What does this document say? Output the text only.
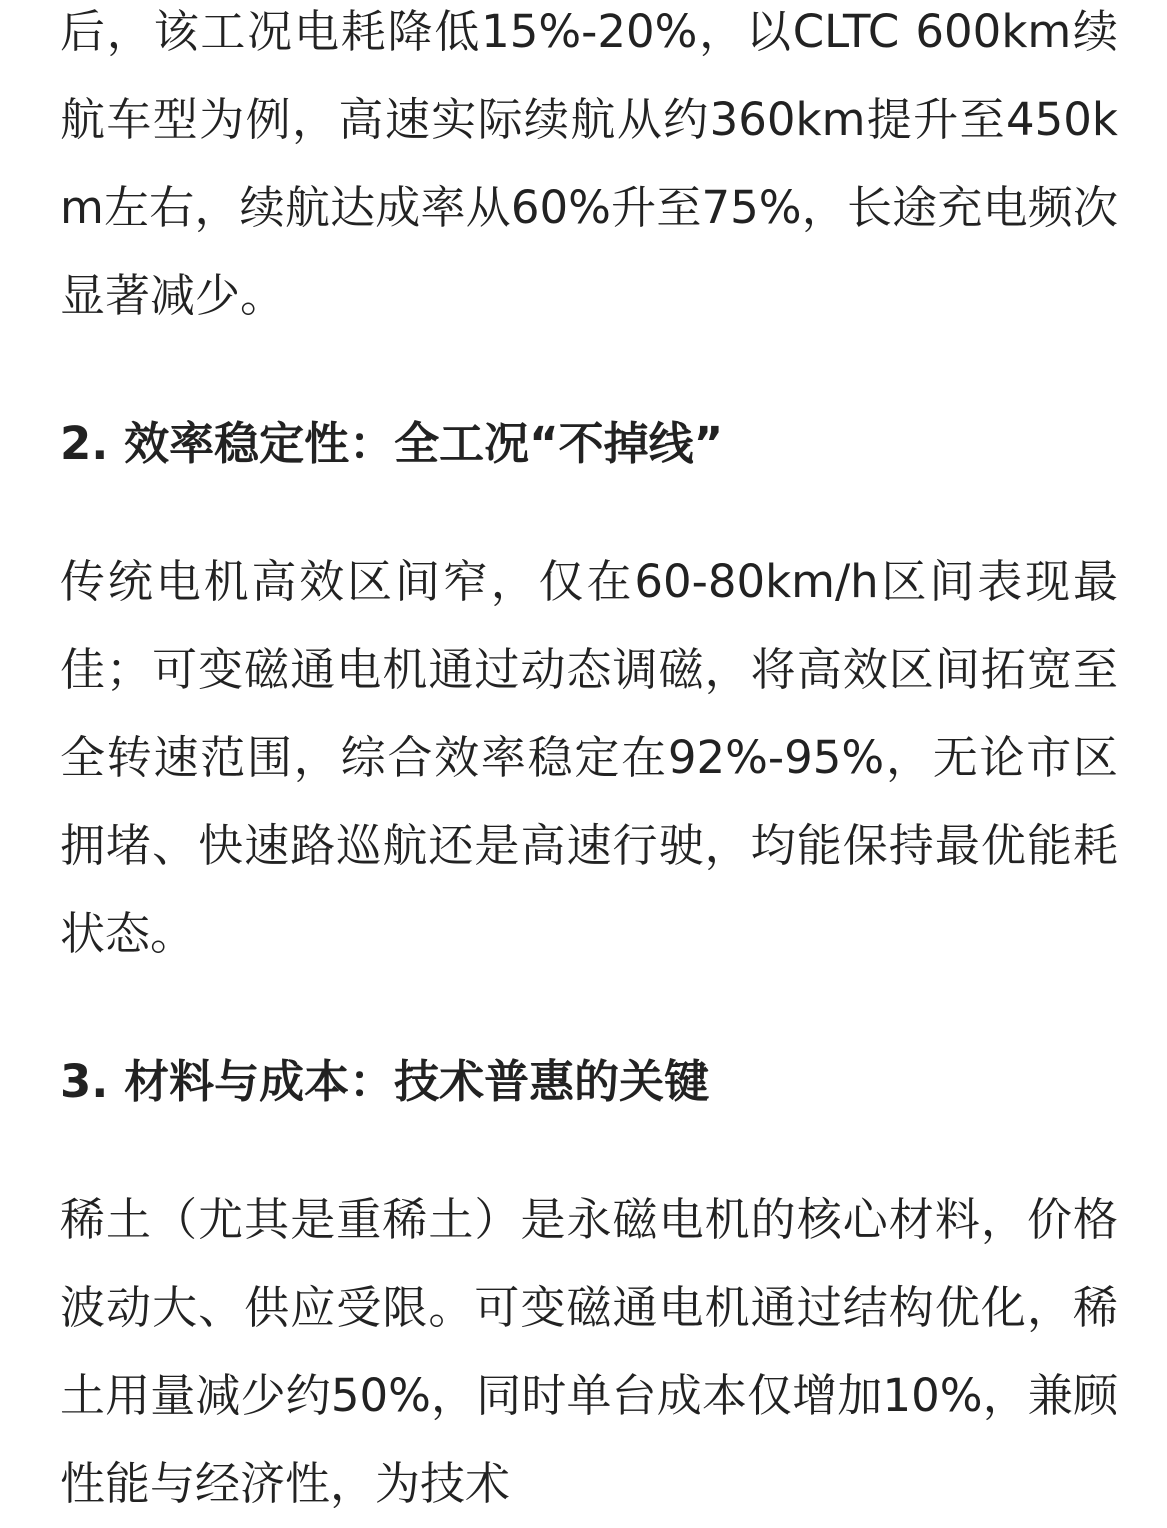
后，该工况电耗降低15%-20%，以CLTC 600km续航车型为例，高速实际续航从约360km提升至450km左右，续航达成率从60%升至75%，长途充电频次显著减少。

2. 效率稳定性：全工况“不掉线”

传统电机高效区间窄，仅在60-80km/h区间表现最佳；可变磁通电机通过动态调磁，将高效区间拓宽至全转速范围，综合效率稳定在92%-95%，无论市区拥堵、快速路巡航还是高速行驶，均能保持最优能耗状态。

3. 材料与成本：技术普惠的关键

稀土（尤其是重稀土）是永磁电机的核心材料，价格波动大、供应受限。可变磁通电机通过结构优化，稀土用量减少约50%，同时单台成本仅增加10%，兼顾性能与经济性，为技术
